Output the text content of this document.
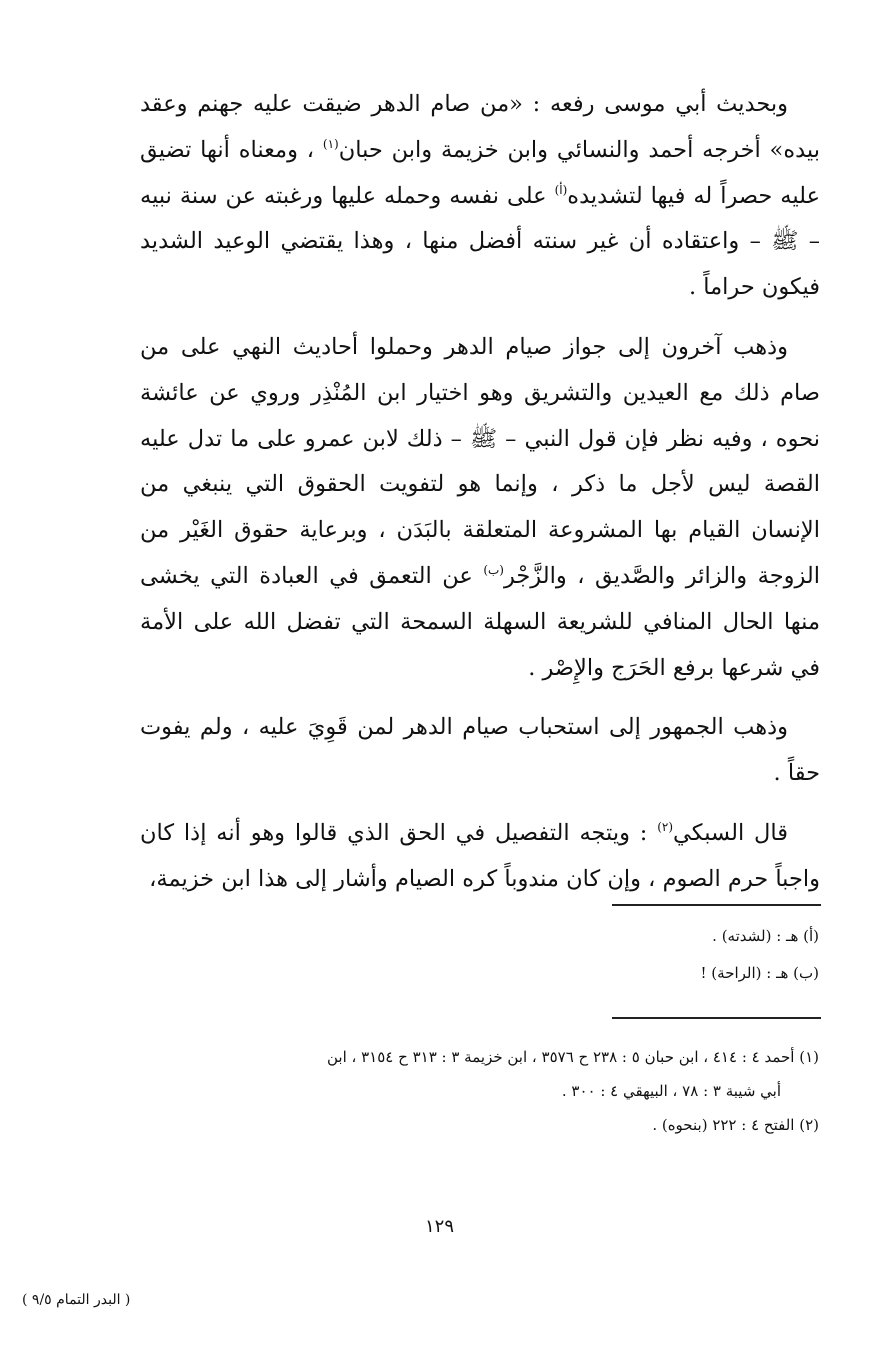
وبحديث أبي موسى رفعه : «من صام الدهر ضيقت عليه جهنم وعقد بيده» أخرجه أحمد والنسائي وابن خزيمة وابن حبان$^{(١)}$ ، ومعناه أنها تضيق عليه حصراً له فيها لتشديده$^{(أ)}$ على نفسه وحمله عليها ورغبته عن سنة نبيه – ﷺ – واعتقاده أن غير سنته أفضل منها ، وهذا يقتضي الوعيد الشديد فيكون حراماً .

وذهب آخرون إلى جواز صيام الدهر وحملوا أحاديث النهي على من صام ذلك مع العيدين والتشريق وهو اختيار ابن المُنْذِر وروي عن عائشة نحوه ، وفيه نظر فإن قول النبي – ﷺ – ذلك لابن عمرو على ما تدل عليه القصة ليس لأجل ما ذكر ، وإنما هو لتفويت الحقوق التي ينبغي من الإنسان القيام بها المشروعة المتعلقة بالبَدَن ، وبرعاية حقوق الغَيْر من الزوجة والزائر والصَّديق ، والزَّجْر$^{(ب)}$ عن التعمق في العبادة التي يخشى منها الحال المنافي للشريعة السهلة السمحة التي تفضل الله على الأمة في شرعها برفع الحَرَج والإِصْر .

وذهب الجمهور إلى استحباب صيام الدهر لمن قَوِيَ عليه ، ولم يفوت حقاً .

قال السبكي$^{(٢)}$ : ويتجه التفصيل في الحق الذي قالوا وهو أنه إذا كان واجباً حرم الصوم ، وإن كان مندوباً كره الصيام وأشار إلى هذا ابن خزيمة،

(أ) هـ : (لشدته) .
(ب) هـ : (الراحة) !
(١) أحمد ٤ : ٤١٤ ، ابن حبان ٥ : ٢٣٨ ح ٣٥٧٦ ، ابن خزيمة ٣ : ٣١٣ ح ٣١٥٤ ، ابن
أبي شيبة ٣ : ٧٨ ، البيهقي ٤ : ٣٠٠ .
(٢) الفتح ٤ : ٢٢٢ (بنحوه) .
١٢٩
( البدر التمام ٩/٥ )
